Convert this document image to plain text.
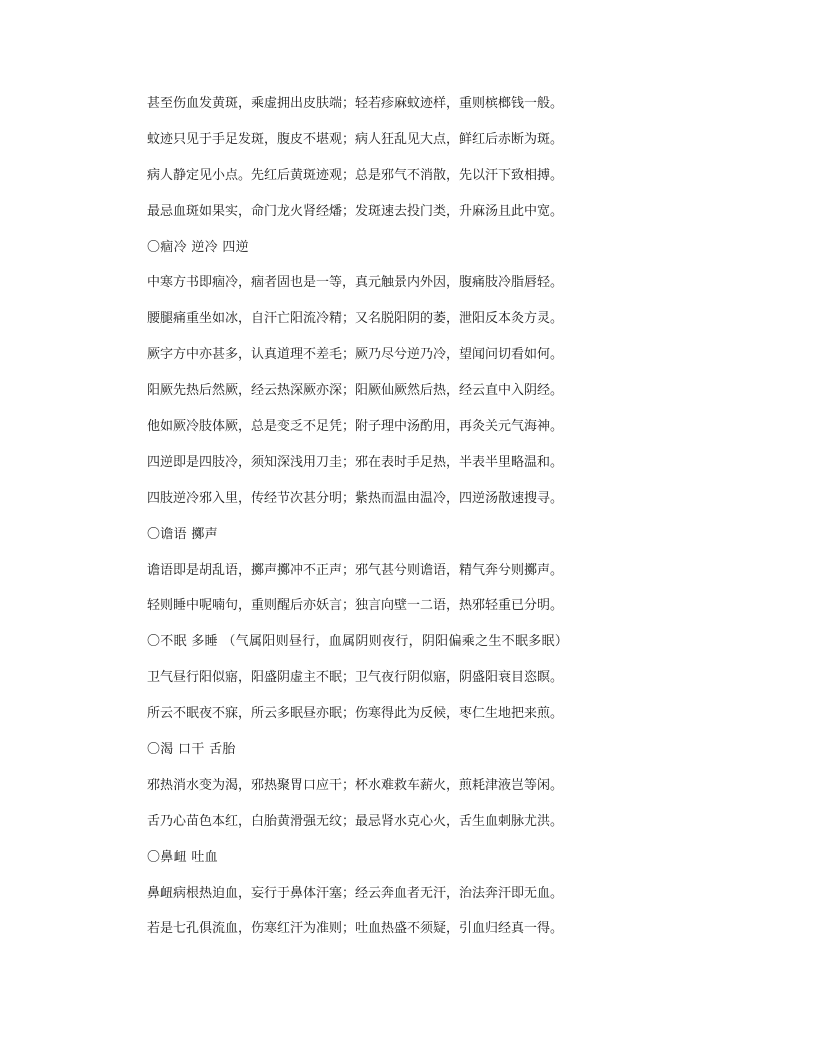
甚至伤血发黄斑，乘虚拥出皮肤端；轻若疹麻蚊迹样，重则槟榔钱一般。
蚊迹只见于手足发斑，腹皮不堪观；病人狂乱见大点，鲜红后赤断为斑。
病人静定见小点。先红后黄斑迹观；总是邪气不消散，先以汗下致相搏。
最忌血斑如果实，命门龙火肾经燔；发斑速去投门类，升麻汤且此中宽。
〇痼冷 逆冷 四逆
中寒方书即痼冷，痼者固也是一等，真元触景内外因，腹痛肢冷脂唇轻。
腰腿痛重坐如冰，自汗亡阳流冷精；又名脱阳阴的萎，泄阳反本灸方灵。
厥字方中亦甚多，认真道理不差毛；厥乃尽兮逆乃冷，望闻问切看如何。
阳厥先热后然厥，经云热深厥亦深；阳厥仙厥然后热，经云直中入阴经。
他如厥冷肢体厥，总是变乏不足凭；附子理中汤酌用，再灸关元气海神。
四逆即是四肢冷，须知深浅用刀圭；邪在表时手足热，半表半里略温和。
四肢逆冷邪入里，传经节次甚分明；紫热而温由温冷，四逆汤散速搜寻。
〇谵语 擲声
谵语即是胡乱语，擲声擲冲不正声；邪气甚兮则谵语，精气奔兮则擲声。
轻则睡中呢喃句，重则醒后亦妖言；独言向壁一二语，热邪轻重已分明。
〇不眠 多睡 （气属阳则昼行，血属阴则夜行，阴阳偏乘之生不眠多眠）
卫气昼行阳似寤，阳盛阴虚主不眠；卫气夜行阴似寤，阴盛阳衰目恣瞑。
所云不眠夜不寐，所云多眠昼亦眠；伤寒得此为反候，枣仁生地把来煎。
〇渴 口干 舌胎
邪热消水变为渴，邪热聚胃口应干；杯水难救车薪火，煎耗津液岂等闲。
舌乃心苗色本红，白胎黄滑强无纹；最忌肾水克心火，舌生血刺脉尤洪。
〇鼻衄 吐血
鼻衄病根热迫血，妄行于鼻体汗塞；经云奔血者无汗，治法奔汗即无血。
若是七孔俱流血，伤寒红汗为准则；吐血热盛不须疑，引血归经真一得。
